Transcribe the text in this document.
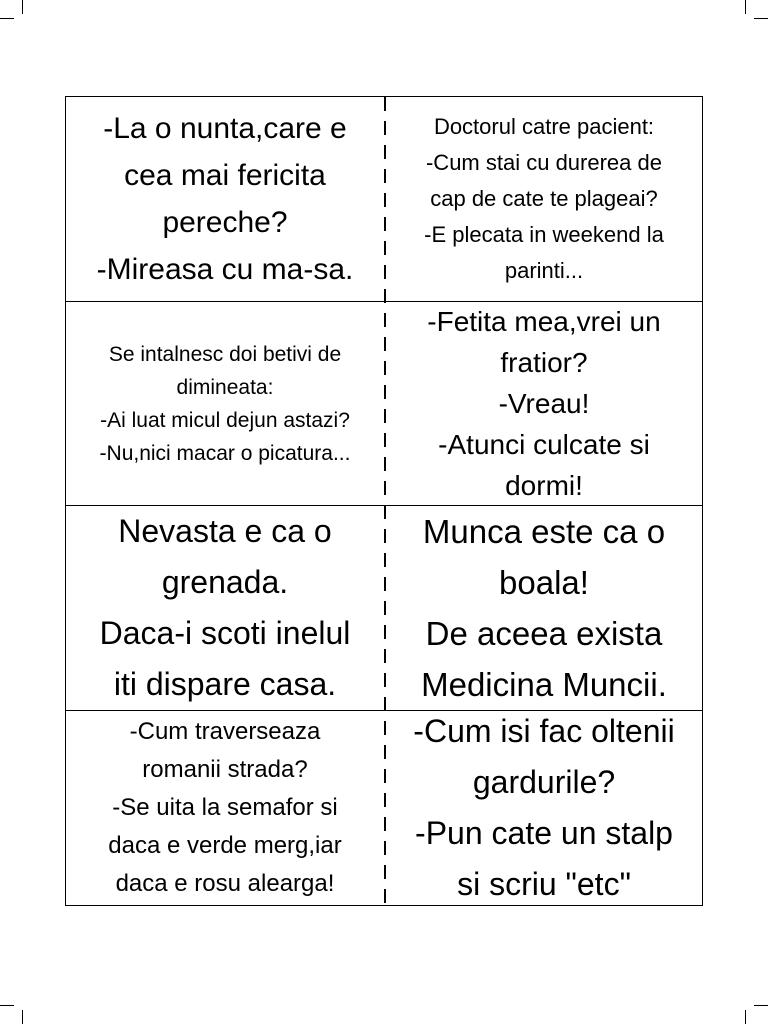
-La o nunta,care e
cea mai fericita
pereche?
-Mireasa cu ma-sa.
Doctorul catre pacient:
-Cum stai cu durerea de
cap de cate te plageai?
-E plecata in weekend la
parinti...
Se intalnesc doi betivi de
dimineata:
-Ai luat micul dejun astazi?
-Nu,nici macar o picatura...
-Fetita mea,vrei un
fratior?
-Vreau!
-Atunci culcate si
dormi!
Nevasta e ca o
grenada.
Daca-i scoti inelul
iti dispare casa.
Munca este ca o
boala!
De aceea exista
Medicina Muncii.
-Cum traverseaza
romanii strada?
-Se uita la semafor si
daca e verde merg,iar
daca e rosu alearga!
-Cum isi fac oltenii
gardurile?
-Pun cate un stalp
si scriu "etc"
